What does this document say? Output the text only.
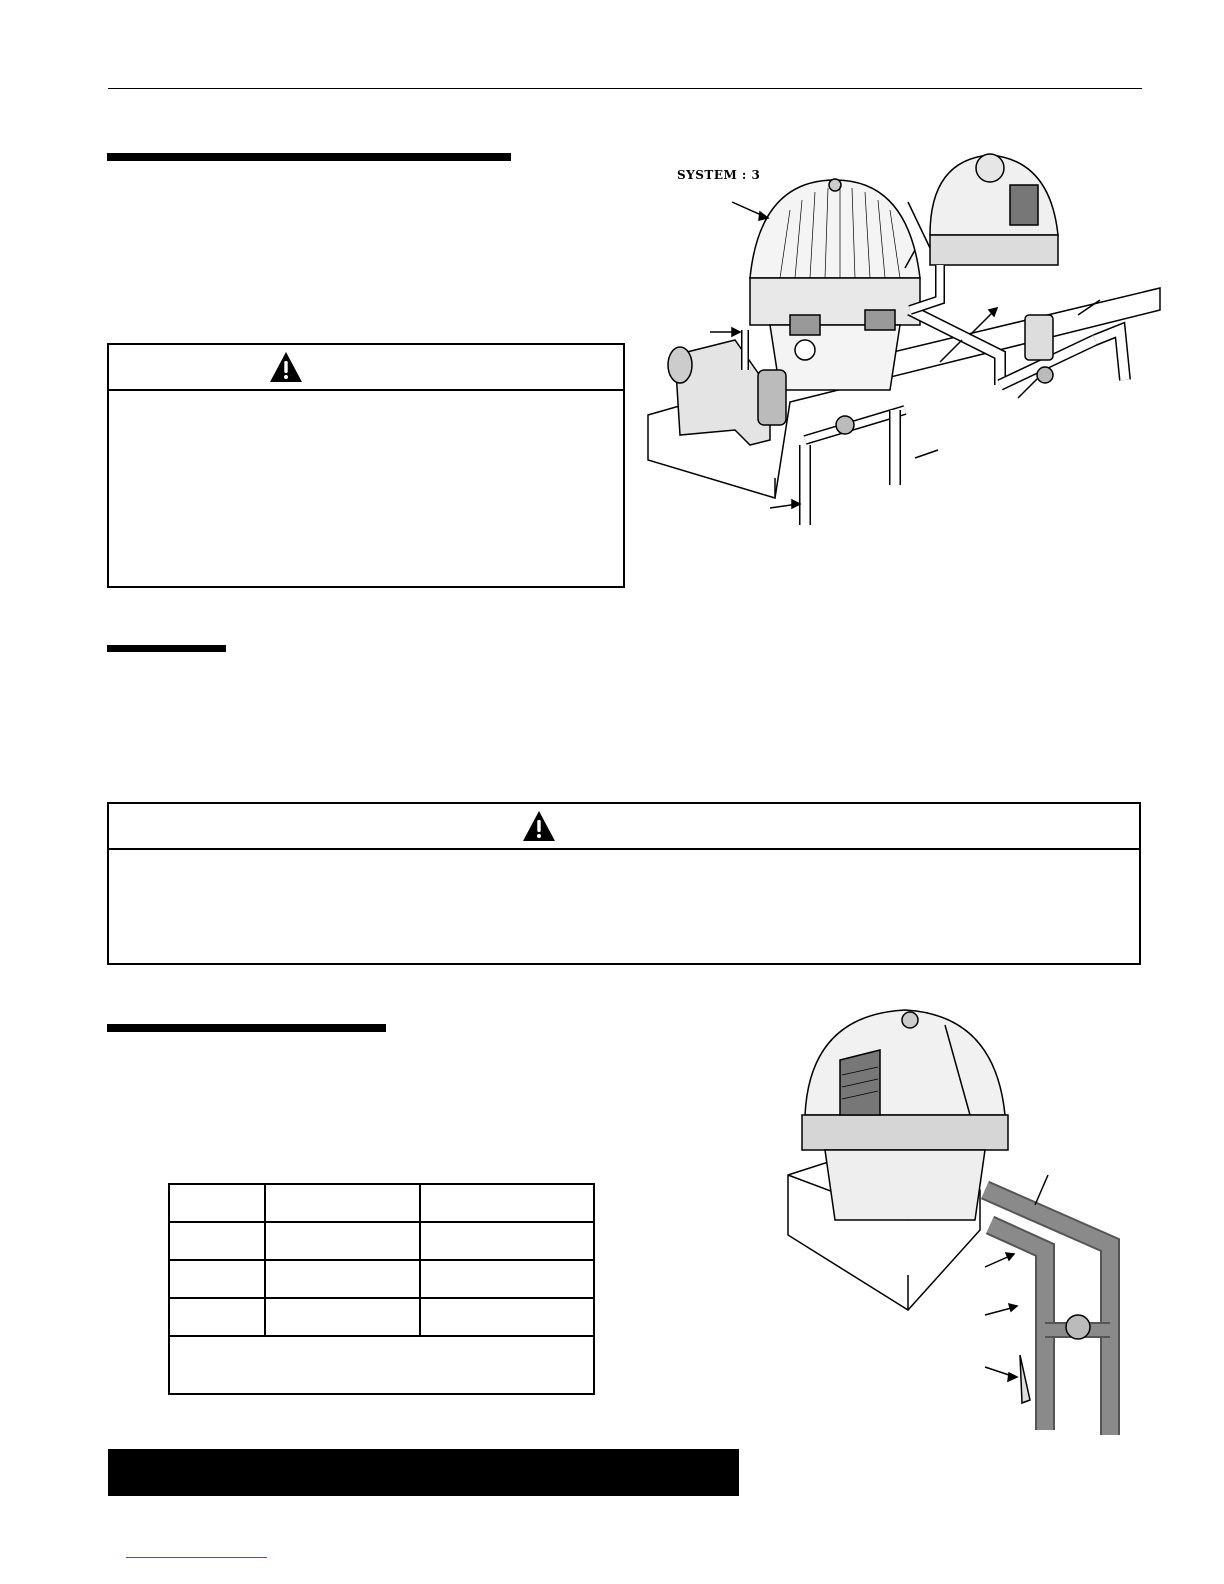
SYSTEM : 3
